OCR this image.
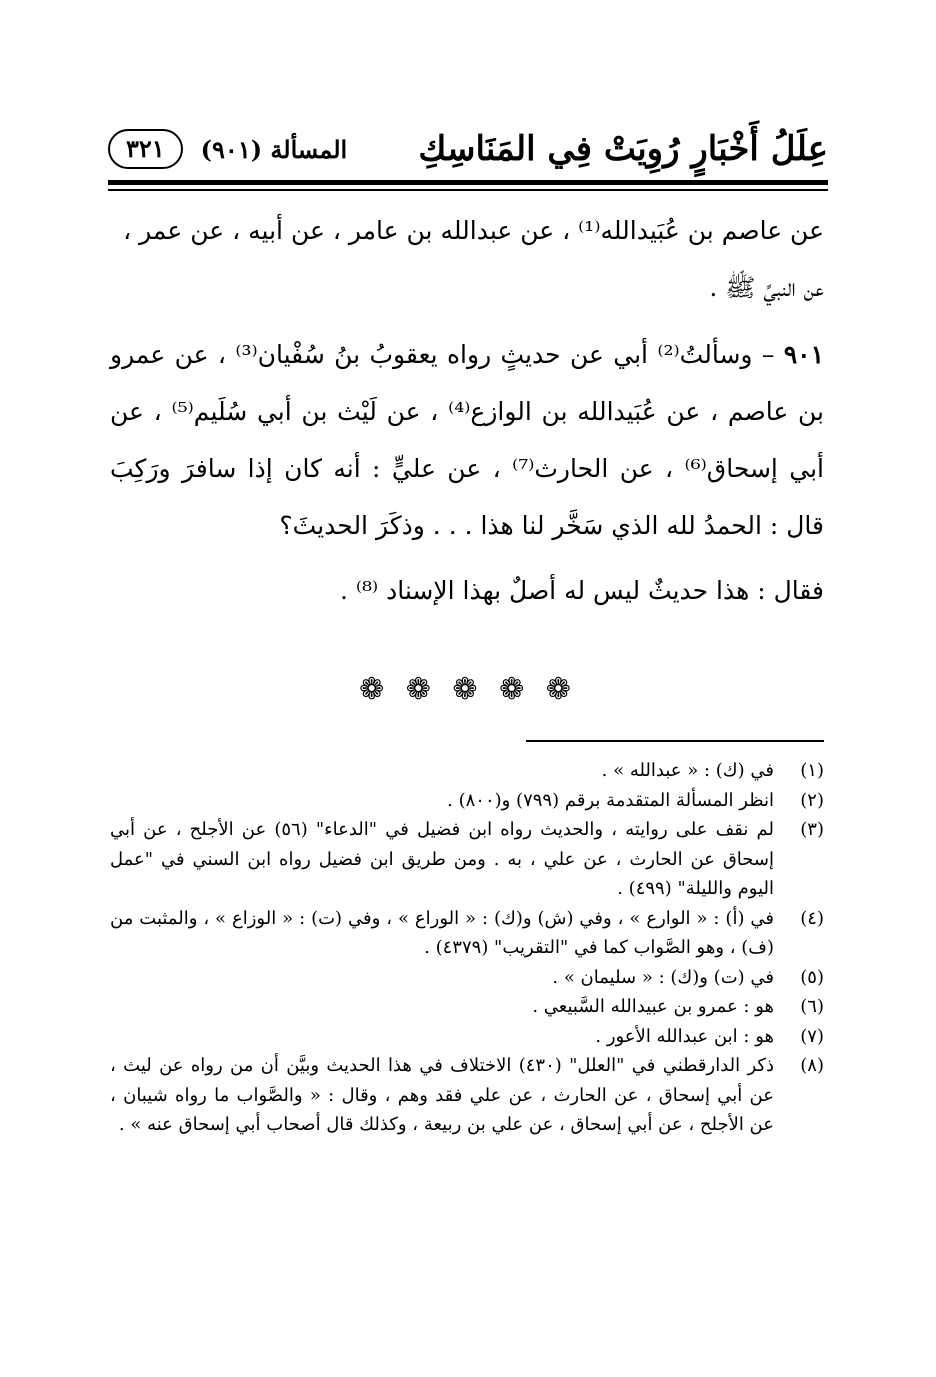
عِلَلُ أَخْبَارٍ رُوِيَتْ فِي المَنَاسِكِ
المسألة (٩٠١)
٣٢١

عن عاصم بن عُبَيدالله⁽¹⁾ ، عن عبدالله بن عامر ، عن أبيه ، عن عمر ،

عن النبيِّ ﷺ .

٩٠١ – وسألتُ⁽²⁾ أبي عن حديثٍ رواه يعقوبُ بنُ سُفْيان⁽³⁾ ، عن عمرو بن عاصم ، عن عُبَيدالله بن الوازع⁽⁴⁾ ، عن لَيْث بن أبي سُلَيم⁽⁵⁾ ، عن أبي إسحاق⁽⁶⁾ ، عن الحارث⁽⁷⁾ ، عن عليٍّ : أنه كان إذا سافرَ ورَكِبَ قال : الحمدُ لله الذي سَخَّر لنا هذا . . . وذكَرَ الحديثَ؟

فقال : هذا حديثٌ ليس له أصلٌ بهذا الإسناد ⁽⁸⁾ .

❁ ❁ ❁ ❁ ❁
(١)
في (ك) : « عبدالله » .
(٢)
انظر المسألة المتقدمة برقم (٧٩٩) و(٨٠٠) .
(٣)
لم نقف على روايته ، والحديث رواه ابن فضيل في "الدعاء" (٥٦) عن الأجلح ، عن أبي إسحاق عن الحارث ، عن علي ، به . ومن طريق ابن فضيل رواه ابن السني في "عمل اليوم والليلة" (٤٩٩) .
(٤)
في (أ) : « الوارع » ، وفي (ش) و(ك) : « الوراع » ، وفي (ت) : « الوزاع » ، والمثبت من (ف) ، وهو الصَّواب كما في "التقريب" (٤٣٧٩) .
(٥)
في (ت) و(ك) : « سليمان » .
(٦)
هو : عمرو بن عبيدالله السَّبيعي .
(٧)
هو : ابن عبدالله الأعور .
(٨)
ذكر الدارقطني في "العلل" (٤٣٠) الاختلاف في هذا الحديث وبيَّن أن من رواه عن ليث ، عن أبي إسحاق ، عن الحارث ، عن علي فقد وهم ، وقال : « والصَّواب ما رواه شيبان ، عن الأجلح ، عن أبي إسحاق ، عن علي بن ربيعة ، وكذلك قال أصحاب أبي إسحاق عنه » .
